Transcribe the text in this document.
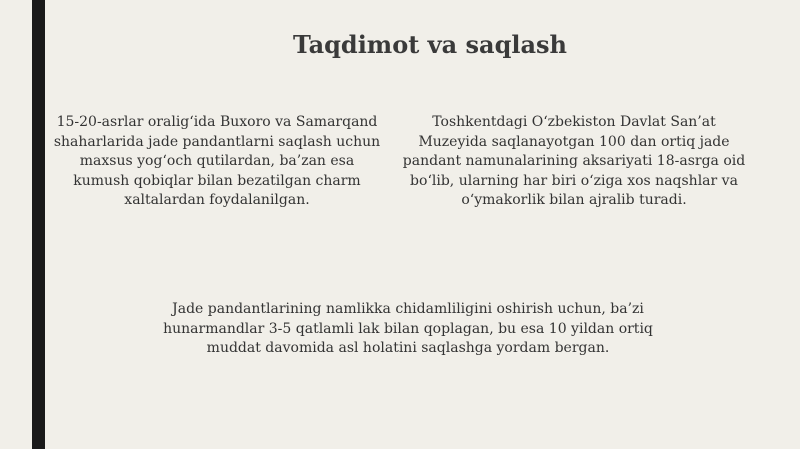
Taqdimot va saqlash

15-20-asrlar oralig‘ida Buxoro va Samarqand shaharlarida jade pandantlarni saqlash uchun maxsus yog‘och qutilardan, ba’zan esa kumush qobiqlar bilan bezatilgan charm xaltalardan foydalanilgan.

Toshkentdagi O‘zbekiston Davlat San’at Muzeyida saqlanayotgan 100 dan ortiq jade pandant namunalarining aksariyati 18-asrga oid bo‘lib, ularning har biri o‘ziga xos naqshlar va o‘ymakorlik bilan ajralib turadi.

Jade pandantlarining namlikka chidamliligini oshirish uchun, ba’zi hunarmandlar 3-5 qatlamli lak bilan qoplagan, bu esa 10 yildan ortiq muddat davomida asl holatini saqlashga yordam bergan.
